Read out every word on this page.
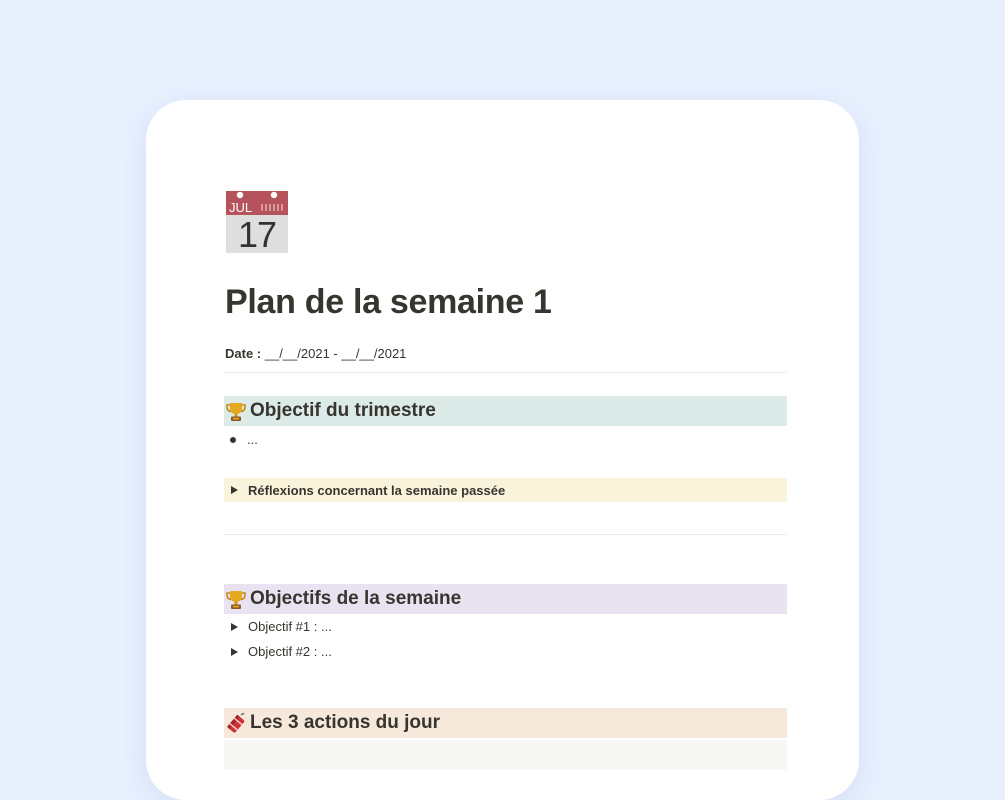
JUL
17
Plan de la semaine 1
Date : __/__/2021 - __/__/2021
Objectif du trimestre
...
Réflexions concernant la semaine passée
Objectifs de la semaine
Objectif #1 : ...
Objectif #2 : ...
Les 3 actions du jour
